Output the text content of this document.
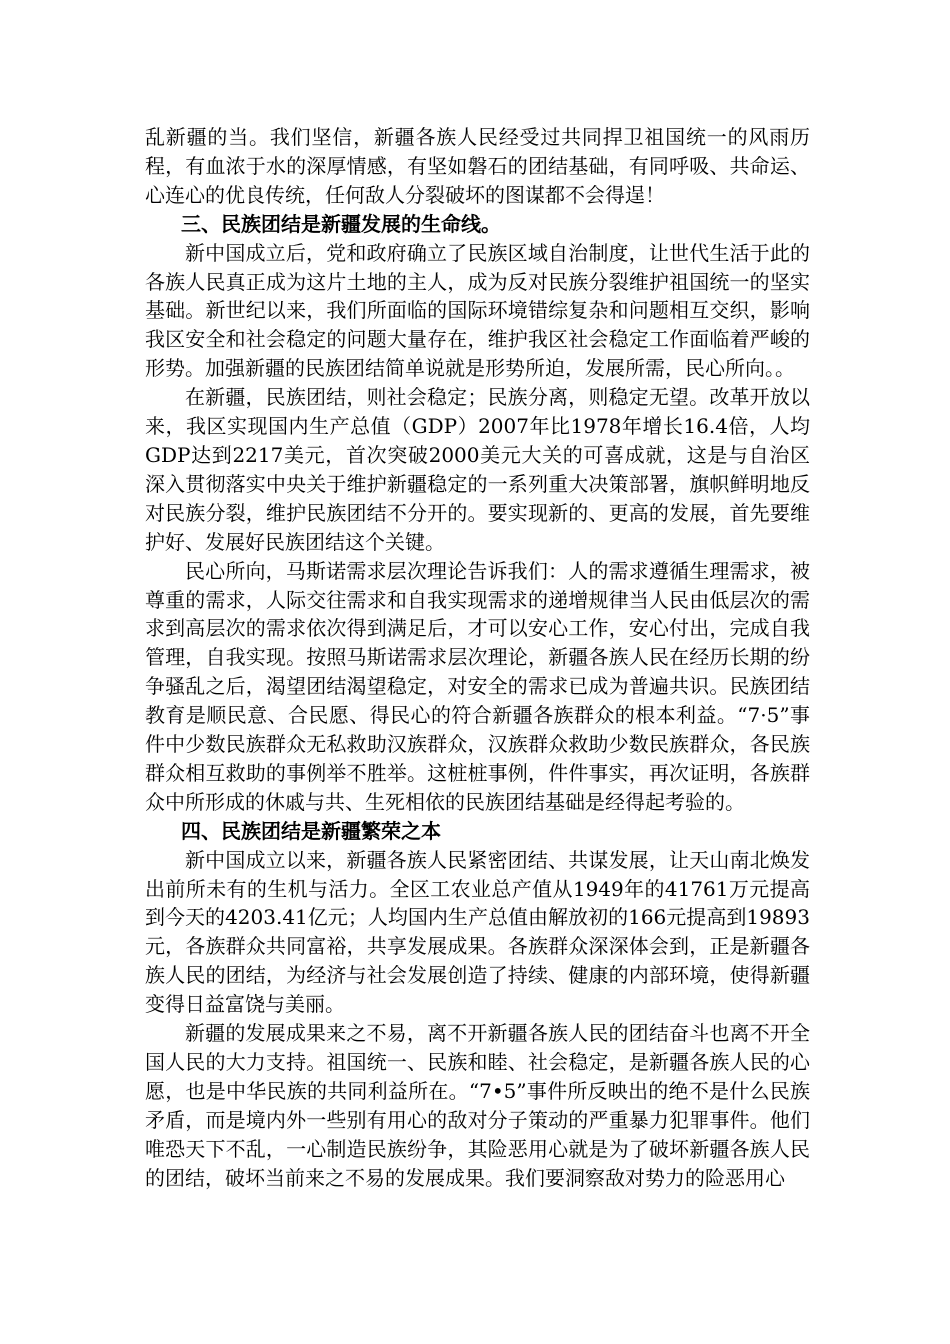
乱新疆的当。我们坚信，新疆各族人民经受过共同捍卫祖国统一的风雨历程，有血浓于水的深厚情感，有坚如磐石的团结基础，有同呼吸、共命运、心连心的优良传统，任何敌人分裂破坏的图谋都不会得逞！

三、民族团结是新疆发展的生命线。

新中国成立后，党和政府确立了民族区域自治制度，让世代生活于此的各族人民真正成为这片土地的主人，成为反对民族分裂维护祖国统一的坚实基础。新世纪以来，我们所面临的国际环境错综复杂和问题相互交织，影响我区安全和社会稳定的问题大量存在，维护我区社会稳定工作面临着严峻的形势。加强新疆的民族团结简单说就是形势所迫，发展所需，民心所向。。

在新疆，民族团结，则社会稳定；民族分离，则稳定无望。改革开放以来，我区实现国内生产总值（GDP）2007年比1978年增长16.4倍，人均GDP达到2217美元，首次突破2000美元大关的可喜成就，这是与自治区深入贯彻落实中央关于维护新疆稳定的一系列重大决策部署，旗帜鲜明地反对民族分裂，维护民族团结不分开的。要实现新的、更高的发展，首先要维护好、发展好民族团结这个关键。

民心所向，马斯诺需求层次理论告诉我们：人的需求遵循生理需求，被尊重的需求，人际交往需求和自我实现需求的递增规律当人民由低层次的需求到高层次的需求依次得到满足后，才可以安心工作，安心付出，完成自我管理，自我实现。按照马斯诺需求层次理论，新疆各族人民在经历长期的纷争骚乱之后，渴望团结渴望稳定，对安全的需求已成为普遍共识。民族团结教育是顺民意、合民愿、得民心的符合新疆各族群众的根本利益。“7·5”事件中少数民族群众无私救助汉族群众，汉族群众救助少数民族群众，各民族群众相互救助的事例举不胜举。这桩桩事例，件件事实，再次证明，各族群众中所形成的休戚与共、生死相依的民族团结基础是经得起考验的。

四、民族团结是新疆繁荣之本

新中国成立以来，新疆各族人民紧密团结、共谋发展，让天山南北焕发出前所未有的生机与活力。全区工农业总产值从1949年的41761万元提高到今天的4203.41亿元；人均国内生产总值由解放初的166元提高到19893元，各族群众共同富裕，共享发展成果。各族群众深深体会到，正是新疆各族人民的团结，为经济与社会发展创造了持续、健康的内部环境，使得新疆变得日益富饶与美丽。

新疆的发展成果来之不易，离不开新疆各族人民的团结奋斗也离不开全国人民的大力支持。祖国统一、民族和睦、社会稳定，是新疆各族人民的心愿，也是中华民族的共同利益所在。“7•5”事件所反映出的绝不是什么民族矛盾，而是境内外一些别有用心的敌对分子策动的严重暴力犯罪事件。他们唯恐天下不乱，一心制造民族纷争，其险恶用心就是为了破坏新疆各族人民的团结，破坏当前来之不易的发展成果。我们要洞察敌对势力的险恶用心
